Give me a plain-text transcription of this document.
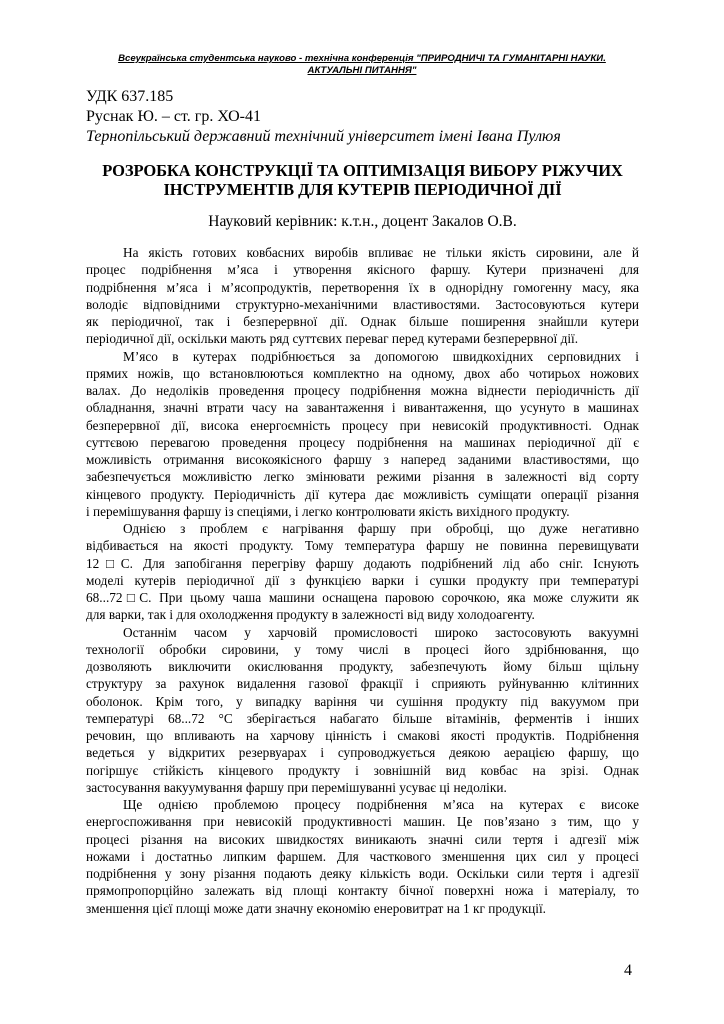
Всеукраїнська студентська науково - технічна конференція "ПРИРОДНИЧІ ТА ГУМАНІТАРНІ НАУКИ.
АКТУАЛЬНІ ПИТАННЯ"
УДК 637.185
Руснак Ю. – ст. гр. ХО-41
Тернопільський державний технічний університет імені Івана Пулюя
РОЗРОБКА КОНСТРУКЦІЇ ТА ОПТИМІЗАЦІЯ ВИБОРУ РІЖУЧИХ
ІНСТРУМЕНТІВ ДЛЯ КУТЕРІВ ПЕРІОДИЧНОЇ ДІЇ
Науковий керівник: к.т.н., доцент Закалов О.В.
На якість готових ковбасних виробів впливає не тільки якість сировини, але й
процес подрібнення м’яса і утворення якісного фаршу. Кутери призначені для
подрібнення м’яса і м’ясопродуктів, перетворення їх в однорідну гомогенну масу, яка
володіє відповідними структурно-механічними властивостями. Застосовуються кутери
як періодичної, так і безперервної дії. Однак більше поширення знайшли кутери
періодичної дії, оскільки мають ряд суттєвих переваг перед кутерами безперервної дії.
М’ясо в кутерах подрібнюється за допомогою швидкохідних серповидних і
прямих ножів, що встановлюються комплектно на одному, двох або чотирьох ножових
валах. До недоліків проведення процесу подрібнення можна віднести періодичність дії
обладнання, значні втрати часу на завантаження і вивантаження, що усунуто в машинах
безперервної дії, висока енергоємність процесу при невисокій продуктивності. Однак
суттєвою перевагою проведення процесу подрібнення на машинах періодичної дії є
можливість отримання високоякісного фаршу з наперед заданими властивостями, що
забезпечується можливістю легко змінювати режими різання в залежності від сорту
кінцевого продукту. Періодичність дії кутера дає можливість суміщати операції різання
і перемішування фаршу із спеціями, і легко контролювати якість вихідного продукту.
Однією з проблем є нагрівання фаршу при обробці, що дуже негативно
відбивається на якості продукту. Тому температура фаршу не повинна перевищувати
12□С. Для запобігання перегріву фаршу додають подрібнений лід або сніг. Існують
моделі кутерів періодичної дії з функцією варки і сушки продукту при температурі
68...72□С. При цьому чаша машини оснащена паровою сорочкою, яка може служити як
для варки, так і для охолодження продукту в залежності від виду холодоагенту.
Останнім часом у харчовій промисловості широко застосовують вакуумні
технології обробки сировини, у тому числі в процесі його здрібнювання, що
дозволяють виключити окислювання продукту, забезпечують йому більш щільну
структуру за рахунок видалення газової фракції і сприяють руйнуванню клітинних
оболонок. Крім того, у випадку варіння чи сушіння продукту під вакуумом при
температурі 68...72 °С зберігається набагато більше вітамінів, ферментів і інших
речовин, що впливають на харчову цінність і смакові якості продуктів. Подрібнення
ведеться у відкритих резервуарах і супроводжується деякою аерацією фаршу, що
погіршує стійкість кінцевого продукту і зовнішній вид ковбас на зрізі. Однак
застосування вакуумування фаршу при перемішуванні усуває ці недоліки.
Ще однією проблемою процесу подрібнення м’яса на кутерах є високе
енергоспоживання при невисокій продуктивності машин. Це пов’язано з тим, що у
процесі різання на високих швидкостях виникають значні сили тертя і адгезії між
ножами і достатньо липким фаршем. Для часткового зменшення цих сил у процесі
подрібнення у зону різання подають деяку кількість води. Оскільки сили тертя і адгезії
прямопропорційно залежать від площі контакту бічної поверхні ножа і матеріалу, то
зменшення цієї площі може дати значну економію енеровитрат на 1 кг продукції.
4
